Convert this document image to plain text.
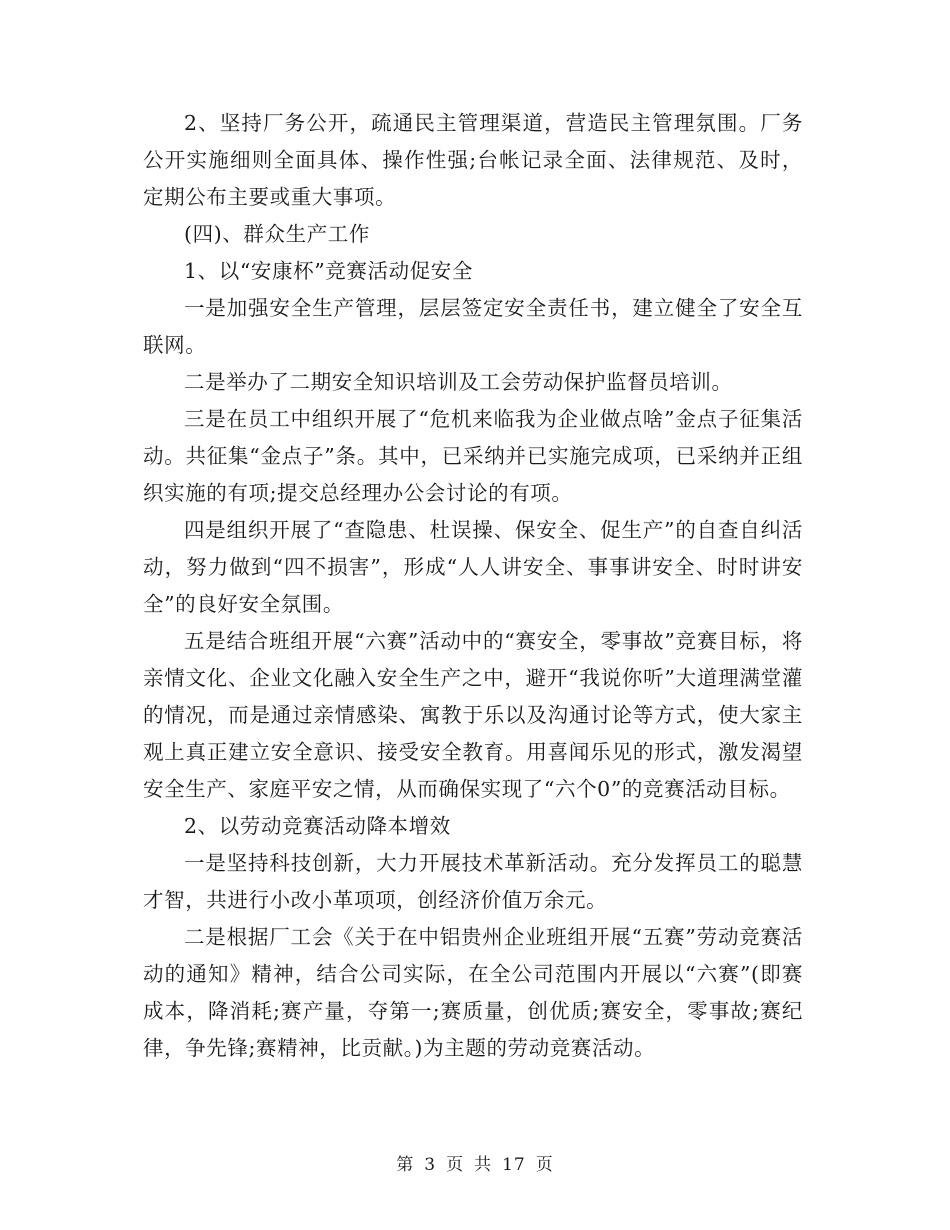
2、坚持厂务公开，疏通民主管理渠道，营造民主管理氛围。厂务公开实施细则全面具体、操作性强;台帐记录全面、法律规范、及时，定期公布主要或重大事项。

(四)、群众生产工作

1、以“安康杯”竞赛活动促安全

一是加强安全生产管理，层层签定安全责任书，建立健全了安全互联网。

二是举办了二期安全知识培训及工会劳动保护监督员培训。

三是在员工中组织开展了“危机来临我为企业做点啥”金点子征集活动。共征集“金点子”条。其中，已采纳并已实施完成项，已采纳并正组织实施的有项;提交总经理办公会讨论的有项。

四是组织开展了“查隐患、杜误操、保安全、促生产”的自查自纠活动，努力做到“四不损害”，形成“人人讲安全、事事讲安全、时时讲安全”的良好安全氛围。

五是结合班组开展“六赛”活动中的“赛安全，零事故”竞赛目标，将亲情文化、企业文化融入安全生产之中，避开“我说你听”大道理满堂灌的情况，而是通过亲情感染、寓教于乐以及沟通讨论等方式，使大家主观上真正建立安全意识、接受安全教育。用喜闻乐见的形式，激发渴望安全生产、家庭平安之情，从而确保实现了“六个0”的竞赛活动目标。

2、以劳动竞赛活动降本增效

一是坚持科技创新，大力开展技术革新活动。充分发挥员工的聪慧才智，共进行小改小革项项，创经济价值万余元。

二是根据厂工会《关于在中铝贵州企业班组开展“五赛”劳动竞赛活动的通知》精神，结合公司实际，在全公司范围内开展以“六赛”(即赛成本，降消耗;赛产量，夺第一;赛质量，创优质;赛安全，零事故;赛纪律，争先锋;赛精神，比贡献。)为主题的劳动竞赛活动。

第 3 页 共 17 页
